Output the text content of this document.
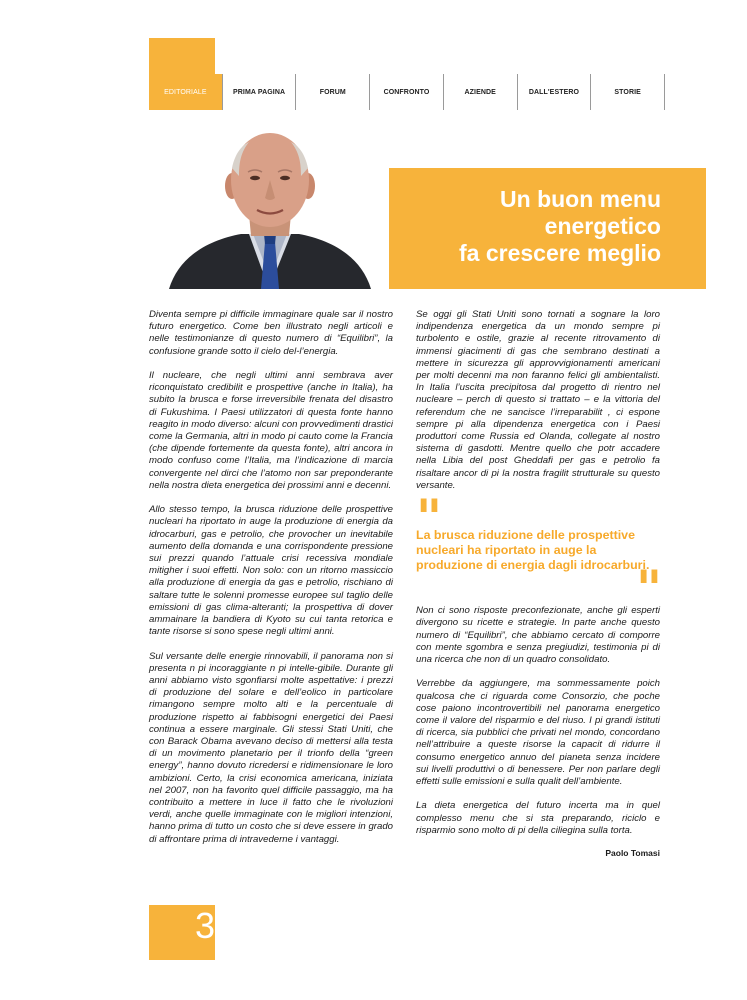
EDITORIALE	PRIMA PAGINA	FORUM	CONFRONTO	AZIENDE	DALL'ESTERO	STORIE
Un buon menu
energetico
fa crescere meglio

Diventa sempre pi difficile immaginare quale sar il nostro futuro energetico. Come ben illustrato negli articoli e nelle testimonianze di questo numero di “Equilibri”, la confusione grande sotto il cielo del-l’energia.

Il nucleare, che negli ultimi anni sembrava aver riconquistato credibilit e prospettive (anche in Italia), ha subito la brusca e forse irreversibile frenata del disastro di Fukushima. I Paesi utilizzatori di questa fonte hanno reagito in modo diverso: alcuni con provvedimenti drastici come la Germania, altri in modo pi cauto come la Francia (che dipende fortemente da questa fonte), altri ancora in modo confuso come l’Italia, ma l’indicazione di marcia convergente nel dirci che l’atomo non sar preponderante nella nostra dieta energetica dei prossimi anni e decenni.

Allo stesso tempo, la brusca riduzione delle prospettive nucleari ha riportato in auge la produzione di energia da idrocarburi, gas e petrolio, che provocher un inevitabile aumento della domanda e una corrispondente pressione sui prezzi quando l’attuale crisi recessiva mondiale mitigher i suoi effetti. Non solo: con un ritorno massiccio alla produzione di energia da gas e petrolio, rischiano di saltare tutte le solenni promesse europee sul taglio delle emissioni di gas clima-alteranti; la prospettiva di dover ammainare la bandiera di Kyoto su cui tanta retorica e tante risorse si sono spese negli ultimi anni.

Sul versante delle energie rinnovabili, il panorama non si presenta n pi incoraggiante n pi intelle-gibile. Durante gli anni abbiamo visto sgonfiarsi molte aspettative: i prezzi di produzione del solare e dell’eolico in particolare rimangono sempre molto alti e la percentuale di produzione rispetto ai fabbisogni energetici dei Paesi continua a essere marginale. Gli stessi Stati Uniti, che con Barack Obama avevano deciso di mettersi alla testa di un movimento planetario per il trionfo della “green energy”, hanno dovuto ricredersi e ridimensionare le loro ambizioni. Certo, la crisi economica americana, iniziata nel 2007, non ha favorito quel difficile passaggio, ma ha contribuito a mettere in luce il fatto che le rivoluzioni verdi, anche quelle immaginate con le migliori intenzioni, hanno prima di tutto un costo che si deve essere in grado di affrontare prima di intravederne i vantaggi.

Se oggi gli Stati Uniti sono tornati a sognare la loro indipendenza energetica da un mondo sempre pi turbolento e ostile, grazie al recente ritrovamento di immensi giacimenti di gas che sembrano destinati a mettere in sicurezza gli approvvigionamenti americani per molti decenni ma non faranno felici gli ambientalisti. In Italia l’uscita precipitosa dal progetto di rientro nel nucleare – perch di questo si trattato – e la vittoria del referendum che ne sancisce l’irreparabilit , ci espone sempre pi alla dipendenza energetica con i Paesi produttori come Russia ed Olanda, collegate al nostro sistema di gasdotti. Mentre quello che potr accadere nella Libia del post Gheddafi per gas e petrolio fa risaltare ancor di pi la nostra fragilit strutturale su questo versante.

"

La brusca riduzione delle prospettive nucleari ha riportato in auge la produzione di energia dagli idrocarburi.

"

Non ci sono risposte preconfezionate, anche gli esperti divergono su ricette e strategie. In parte anche questo numero di “Equilibri”, che abbiamo cercato di comporre con mente sgombra e senza pregiudizi, testimonia pi di una ricerca che non di un quadro consolidato.

Verrebbe da aggiungere, ma sommessamente poich qualcosa che ci riguarda come Consorzio, che poche cose paiono incontrovertibili nel panorama energetico come il valore del risparmio e del riuso. I pi grandi istituti di ricerca, sia pubblici che privati nel mondo, concordano nell’attribuire a queste risorse la capacit di ridurre il consumo energetico annuo del pianeta senza incidere sui livelli produttivi o di benessere. Per non parlare degli effetti sulle emissioni e sulla qualit dell’ambiente.

La dieta energetica del futuro incerta ma in quel complesso menu che si sta preparando, riciclo e risparmio sono molto di pi della ciliegina sulla torta.

Paolo Tomasi
3
